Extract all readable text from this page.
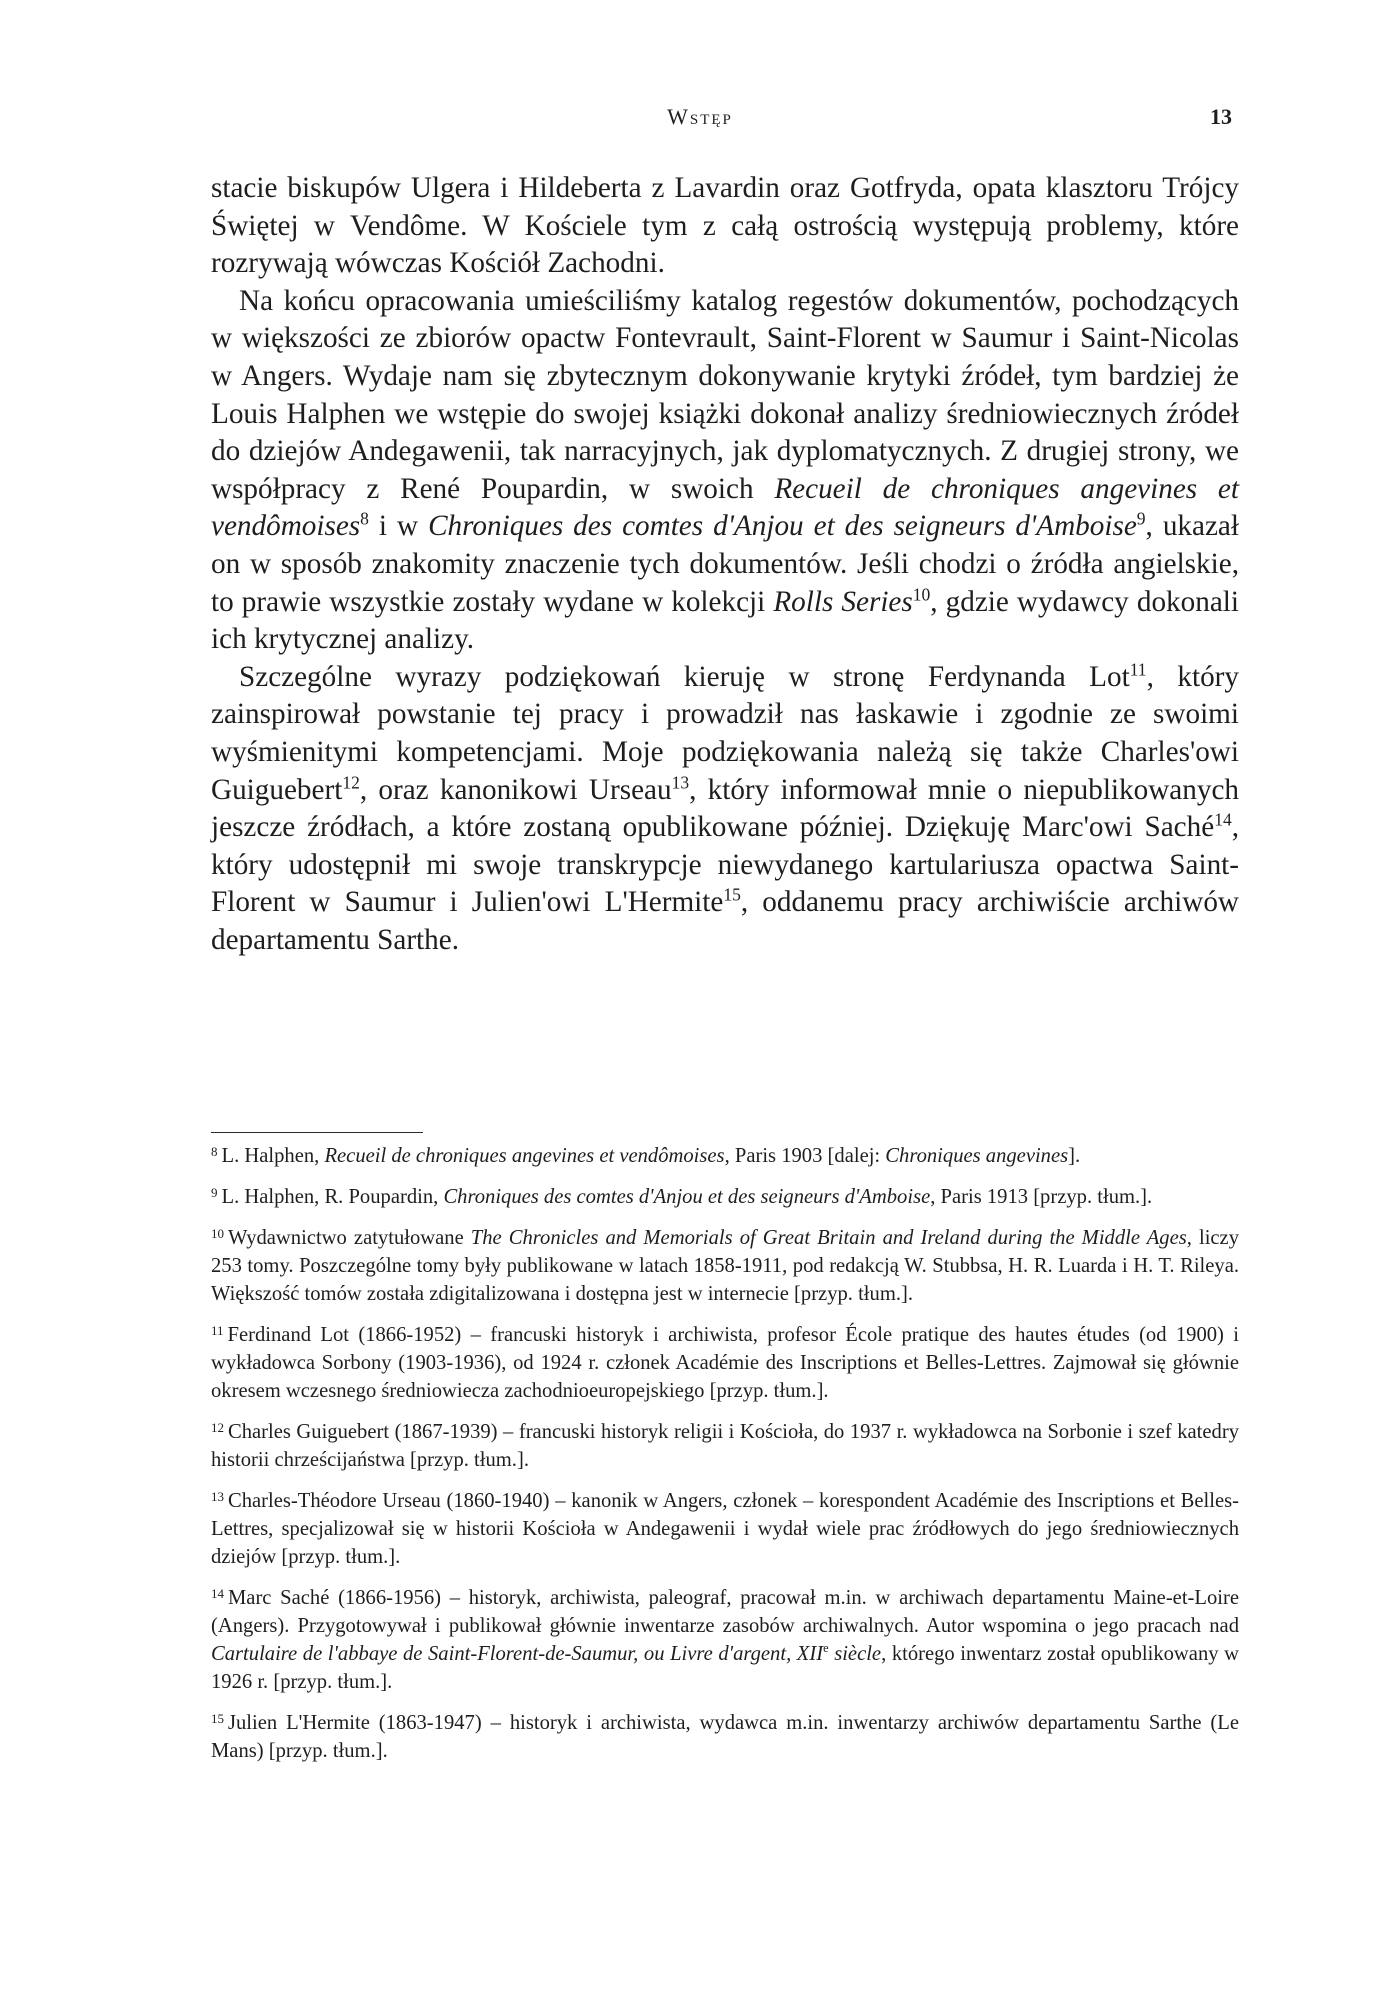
Wstęp	13

stacie biskupów Ulgera i Hildeberta z Lavardin oraz Gotfryda, opata klasztoru Trójcy Świętej w Vendôme. W Kościele tym z całą ostrością występują problemy, które rozrywają wówczas Kościół Zachodni.

Na końcu opracowania umieściliśmy katalog regestów dokumentów, pochodzących w większości ze zbiorów opactw Fontevrault, Saint-Florent w Saumur i Saint-Nicolas w Angers. Wydaje nam się zbytecznym dokonywanie krytyki źródeł, tym bardziej że Louis Halphen we wstępie do swojej książki dokonał analizy średniowiecznych źródeł do dziejów Andegawenii, tak narracyjnych, jak dyplomatycznych. Z drugiej strony, we współpracy z René Poupardin, w swoich Recueil de chroniques angevines et vendômoises$^8$ i w Chroniques des comtes d'Anjou et des seigneurs d'Amboise$^9$, ukazał on w sposób znakomity znaczenie tych dokumentów. Jeśli chodzi o źródła angielskie, to prawie wszystkie zostały wydane w kolekcji Rolls Series$^{10}$, gdzie wydawcy dokonali ich krytycznej analizy.

Szczególne wyrazy podziękowań kieruję w stronę Ferdynanda Lot$^{11}$, który zainspirował powstanie tej pracy i prowadził nas łaskawie i zgodnie ze swoimi wyśmienitymi kompetencjami. Moje podziękowania należą się także Charles'owi Guiguebert$^{12}$, oraz kanonikowi Urseau$^{13}$, który informował mnie o niepublikowanych jeszcze źródłach, a które zostaną opublikowane później. Dziękuję Marc'owi Saché$^{14}$, który udostępnił mi swoje transkrypcje niewydanego kartulariusza opactwa Saint-Florent w Saumur i Julien'owi L'Hermite$^{15}$, oddanemu pracy archiwiście archiwów departamentu Sarthe.

$^8$ L. Halphen, Recueil de chroniques angevines et vendômoises, Paris 1903 [dalej: Chroniques angevines].

$^9$ L. Halphen, R. Poupardin, Chroniques des comtes d'Anjou et des seigneurs d'Amboise, Paris 1913 [przyp. tłum.].

$^{10}$ Wydawnictwo zatytułowane The Chronicles and Memorials of Great Britain and Ireland during the Middle Ages, liczy 253 tomy. Poszczególne tomy były publikowane w latach 1858-1911, pod redakcją W. Stubbsa, H. R. Luarda i H. T. Rileya. Większość tomów została zdigitalizowana i dostępna jest w internecie [przyp. tłum.].

$^{11}$ Ferdinand Lot (1866-1952) – francuski historyk i archiwista, profesor École pratique des hautes études (od 1900) i wykładowca Sorbony (1903-1936), od 1924 r. członek Académie des Inscriptions et Belles-Lettres. Zajmował się głównie okresem wczesnego średniowiecza zachodnioeuropejskiego [przyp. tłum.].

$^{12}$ Charles Guiguebert (1867-1939) – francuski historyk religii i Kościoła, do 1937 r. wykładowca na Sorbonie i szef katedry historii chrześcijaństwa [przyp. tłum.].

$^{13}$ Charles-Théodore Urseau (1860-1940) – kanonik w Angers, członek – korespondent Académie des Inscriptions et Belles-Lettres, specjalizował się w historii Kościoła w Andegawenii i wydał wiele prac źródłowych do jego średniowiecznych dziejów [przyp. tłum.].

$^{14}$ Marc Saché (1866-1956) – historyk, archiwista, paleograf, pracował m.in. w archiwach departamentu Maine-et-Loire (Angers). Przygotowywał i publikował głównie inwentarze zasobów archiwalnych. Autor wspomina o jego pracach nad Cartulaire de l'abbaye de Saint-Florent-de-Saumur, ou Livre d'argent, XIIe siècle, którego inwentarz został opublikowany w 1926 r. [przyp. tłum.].

$^{15}$ Julien L'Hermite (1863-1947) – historyk i archiwista, wydawca m.in. inwentarzy archiwów departamentu Sarthe (Le Mans) [przyp. tłum.].
